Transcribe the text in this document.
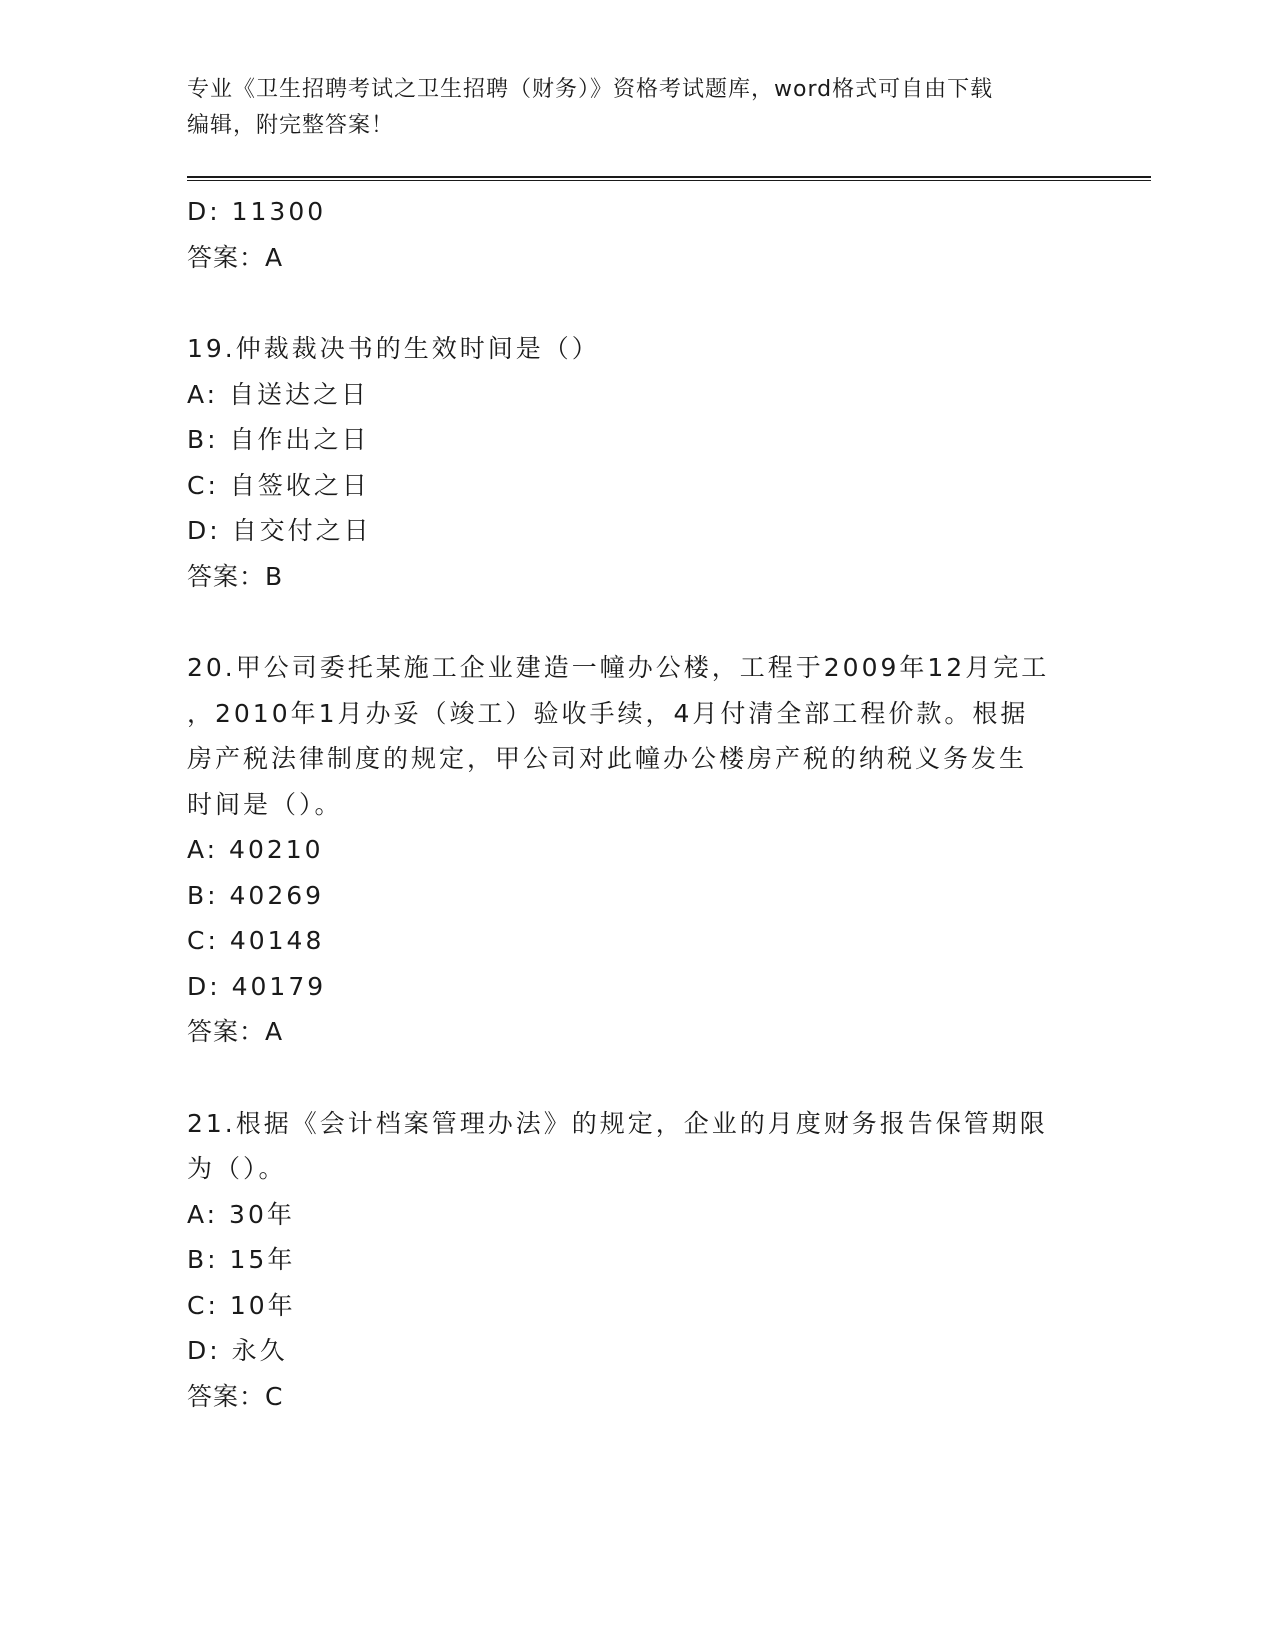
专业《卫生招聘考试之卫生招聘（财务）》资格考试题库，word格式可自由下载
编辑，附完整答案！
D: 11300
答案：A
19.仲裁裁决书的生效时间是（）
A: 自送达之日
B: 自作出之日
C: 自签收之日
D: 自交付之日
答案：B
20.甲公司委托某施工企业建造一幢办公楼，工程于2009年12月完工
，2010年1月办妥（竣工）验收手续，4月付清全部工程价款。根据
房产税法律制度的规定，甲公司对此幢办公楼房产税的纳税义务发生
时间是（）。
A: 40210
B: 40269
C: 40148
D: 40179
答案：A
21.根据《会计档案管理办法》的规定，企业的月度财务报告保管期限
为（）。
A: 30年
B: 15年
C: 10年
D: 永久
答案：C
